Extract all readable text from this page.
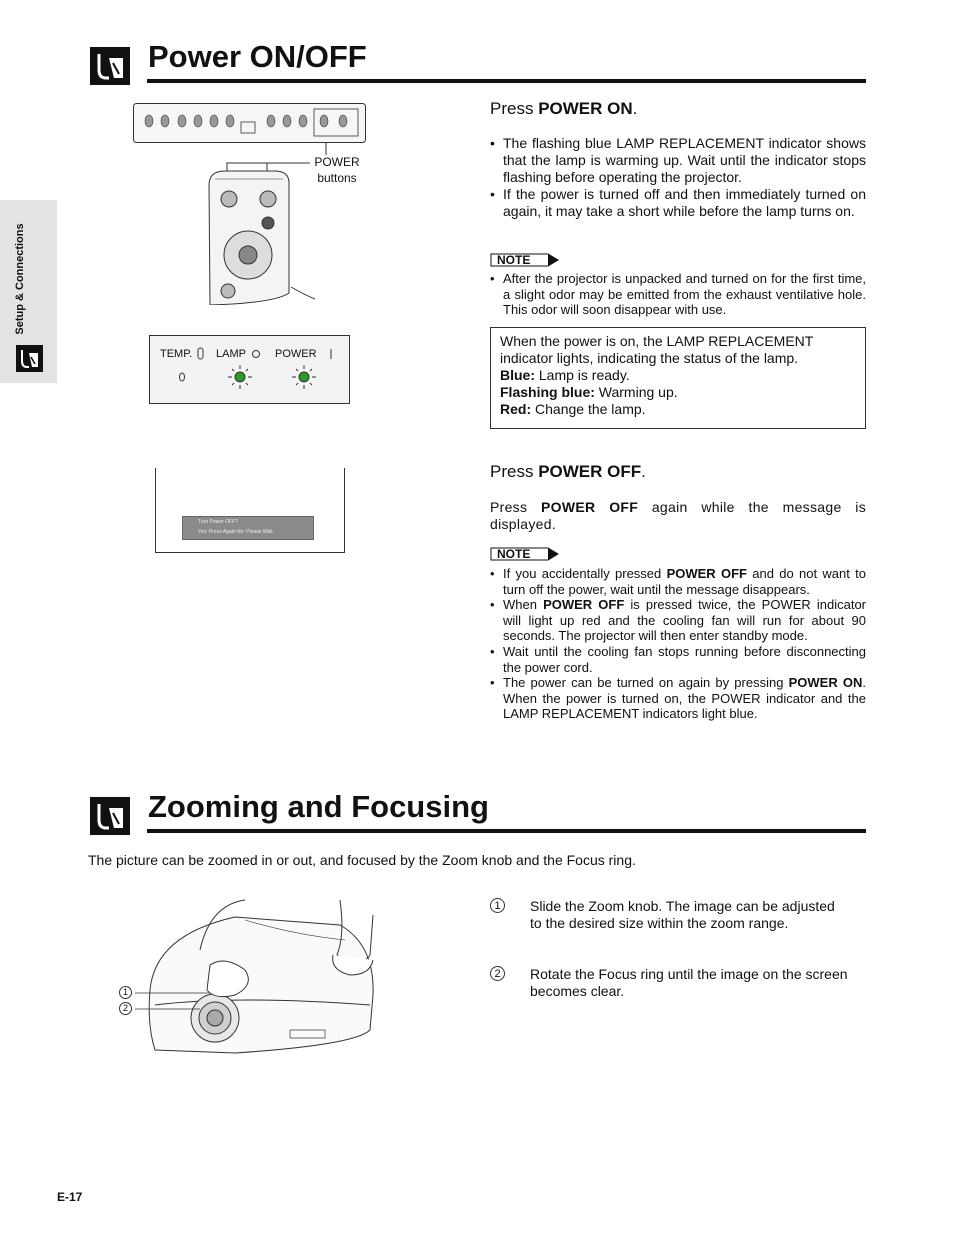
Setup & Connections
Power ON/OFF
POWER
buttons
TEMP. LAMP	POWER
Turn Power OFF?
Yes: Press Again No: Please Wait
Press POWER ON.
• The flashing blue LAMP REPLACEMENT indicator shows that the lamp is warming up. Wait until the indicator stops flashing before operating the projector.
• If the power is turned off and then immediately turned on again, it may take a short while before the lamp turns on.
NOTE
• After the projector is unpacked and turned on for the first time, a slight odor may be emitted from the exhaust ventilative hole. This odor will soon disappear with use.
When the power is on, the LAMP REPLACEMENT indicator lights, indicating the status of the lamp.
Blue: Lamp is ready.
Flashing blue: Warming up.
Red: Change the lamp.
Press POWER OFF.
Press POWER OFF again while the message is displayed.
NOTE
• If you accidentally pressed POWER OFF and do not want to turn off the power, wait until the message disappears.
• When POWER OFF is pressed twice, the POWER indicator will light up red and the cooling fan will run for about 90 seconds. The projector will then enter standby mode.
• Wait until the cooling fan stops running before disconnecting the power cord.
• The power can be turned on again by pressing POWER ON. When the power is turned on, the POWER indicator and the LAMP REPLACEMENT indicators light blue.
Zooming and Focusing
The picture can be zoomed in or out, and focused by the Zoom knob and the Focus ring.
1
2
1	Slide the Zoom knob. The image can be adjusted to the desired size within the zoom range.
2	Rotate the Focus ring until the image on the screen becomes clear.
E-17
